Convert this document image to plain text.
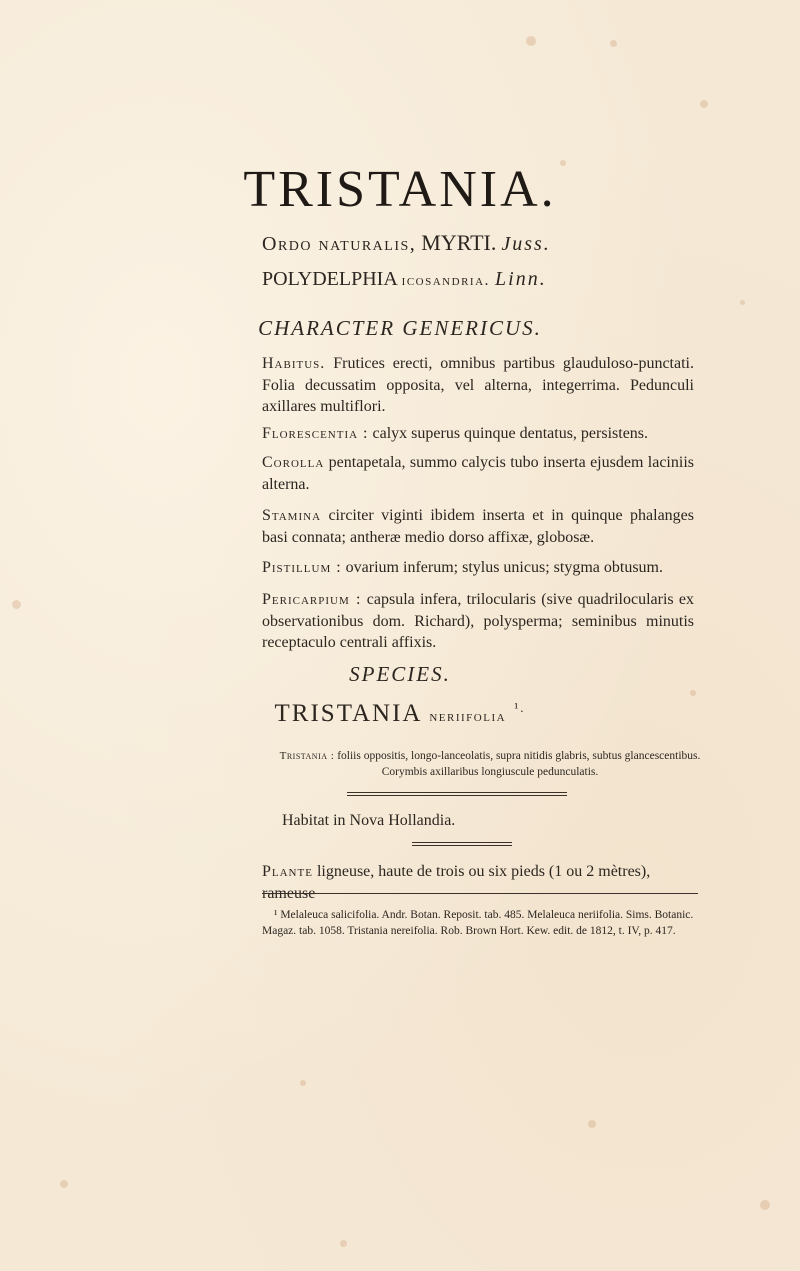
TRISTANIA.
Ordo naturalis, MYRTI. Juss.
POLYDELPHIA icosandria. Linn.
CHARACTER GENERICUS.
Habitus. Frutices erecti, omnibus partibus glauduloso-punctati. Folia decussatim opposita, vel alterna, integerrima. Pedunculi axillares multiflori.
Florescentia : calyx superus quinque dentatus, persistens.
Corolla pentapetala, summo calycis tubo inserta ejusdem laciniis alterna.
Stamina circiter viginti ibidem inserta et in quinque phalanges basi connata; antheræ medio dorso affixæ, globosæ.
Pistillum : ovarium inferum; stylus unicus; stygma obtusum.
Pericarpium : capsula infera, trilocularis (sive quadrilocularis ex observationibus dom. Richard), polysperma; seminibus minutis receptaculo centrali affixis.
SPECIES.
TRISTANIA neriifolia $^{^1.}$
Tristania : foliis oppositis, longo-lanceolatis, supra nitidis glabris, subtus glancescentibus.
Corymbis axillaribus longiuscule pedunculatis.
Habitat in Nova Hollandia.
Plante ligneuse, haute de trois ou six pieds (1 ou 2 mètres), rameuse
¹ Melaleuca salicifolia. Andr. Botan. Reposit. tab. 485. Melaleuca neriifolia. Sims. Botanic.
Magaz. tab. 1058. Tristania nereifolia. Rob. Brown Hort. Kew. edit. de 1812, t. IV, p. 417.
